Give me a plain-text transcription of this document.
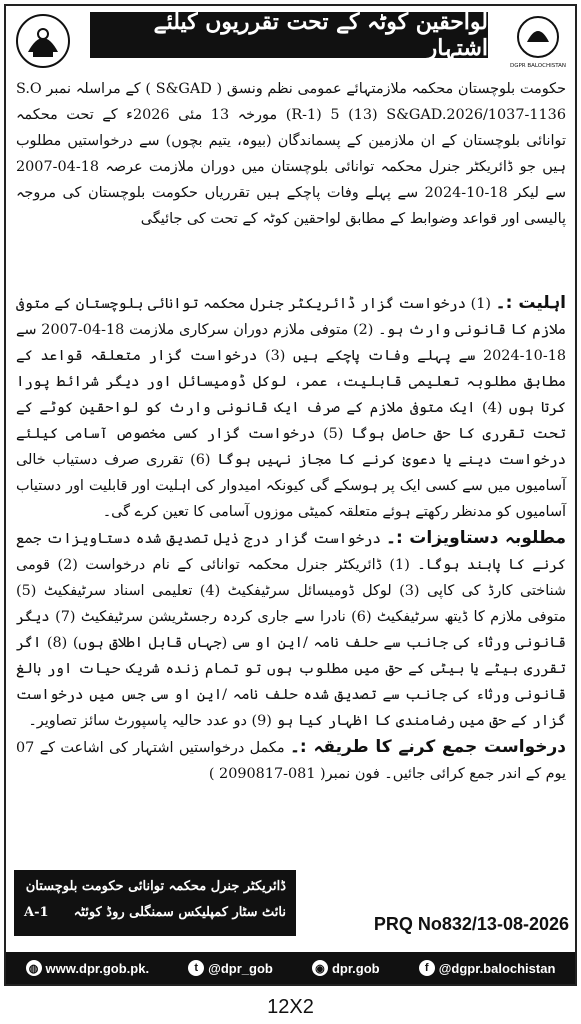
لواحقین کوٹہ کے تحت تقرریوں کیلئے اشتہار
DGPR BALOCHISTAN

حکومت بلوچستان محکمہ ملازمتہائے عمومی نظم ونسق ( S&GAD ) کے مراسلہ نمبر S.O (R-1) 5 (13) S&GAD.2026/1037-1136 مورخہ 13 مئی 2026ء کے تحت محکمہ توانائی بلوچستان کے ان ملازمین کے پسماندگان (بیوہ، یتیم بچوں) سے درخواستیں مطلوب ہیں جو ڈائریکٹر جنرل محکمہ توانائی بلوچستان میں دوران ملازمت عرصہ 18-04-2007 سے لیکر 18-10-2024 سے پہلے وفات پاچکے ہیں تقرریاں حکومت بلوچستان کی مروجہ پالیسی اور قواعد وضوابط کے مطابق لواحقین کوٹہ کے تحت کی جائیگی

اہلیت :۔ (1) درخواست گزار ڈائریکٹر جنرل محکمہ توانائی بلوچستان کے متوفی ملازم کا قانونی وارث ہو۔ (2) متوفی ملازم دوران سرکاری ملازمت 18-04-2007 سے 18-10-2024 سے پہلے وفات پاچکے ہیں (3) درخواست گزار متعلقہ قواعد کے مطابق مطلوبہ تعلیمی قابلیت، عمر، لوکل ڈومیسائل اور دیگر شرائط پورا کرتا ہوں (4) ایک متوفی ملازم کے صرف ایک قانونی وارث کو لواحقین کوٹے کے تحت تقرری کا حق حاصل ہوگا (5) درخواست گزار کسی مخصوص آسامی کیلئے درخواست دینے یا دعویٰ کرنے کا مجاز نہیں ہوگا (6) تقرری صرف دستیاب خالی آسامیوں میں سے کسی ایک پر ہوسکے گی کیونکہ امیدوار کی اہلیت اور قابلیت اور دستیاب آسامیوں کو مدنظر رکھتے ہوئے متعلقہ کمیٹی موزوں آسامی کا تعین کرے گی۔

مطلوبہ دستاویزات :۔ درخواست گزار درج ذیل تصدیق شدہ دستاویزات جمع کرنے کا پابند ہوگا۔ (1) ڈائریکٹر جنرل محکمہ توانائی کے نام درخواست (2) قومی شناختی کارڈ کی کاپی (3) لوکل ڈومیسائل سرٹیفکیٹ (4) تعلیمی اسناد سرٹیفکیٹ (5) متوفی ملازم کا ڈیتھ سرٹیفکیٹ (6) نادرا سے جاری کردہ رجسٹریشن سرٹیفکیٹ (7) دیگر قانونی ورثاء کی جانب سے حلف نامہ /این او سی (جہاں قابل اطلاق ہوں) (8) اگر تقرری بیٹے یا بیٹی کے حق میں مطلوب ہوں تو تمام زندہ شریک حیات اور بالغ قانونی ورثاء کی جانب سے تصدیق شدہ حلف نامہ /این او سی جس میں درخواست گزار کے حق میں رضامندی کا اظہار کیا ہو (9) دو عدد حالیہ پاسپورٹ سائز تصاویر۔

درخواست جمع کرنے کا طریقہ :۔ مکمل درخواستیں اشتہار کی اشاعت کے 07 یوم کے اندر جمع کرائی جائیں۔ فون نمبر( 081-2090817 )

ڈائریکٹر جنرل محکمہ توانائی حکومت بلوچستان
نائٹ سٹار کمپلیکس سمنگلی روڈ کوئٹہ
1-A
PRQ No832/13-08-2026
◍ www.dpr.gob.pk.	t @dpr_gob	◉ dpr.gob	f @dgpr.balochistan
12X2
